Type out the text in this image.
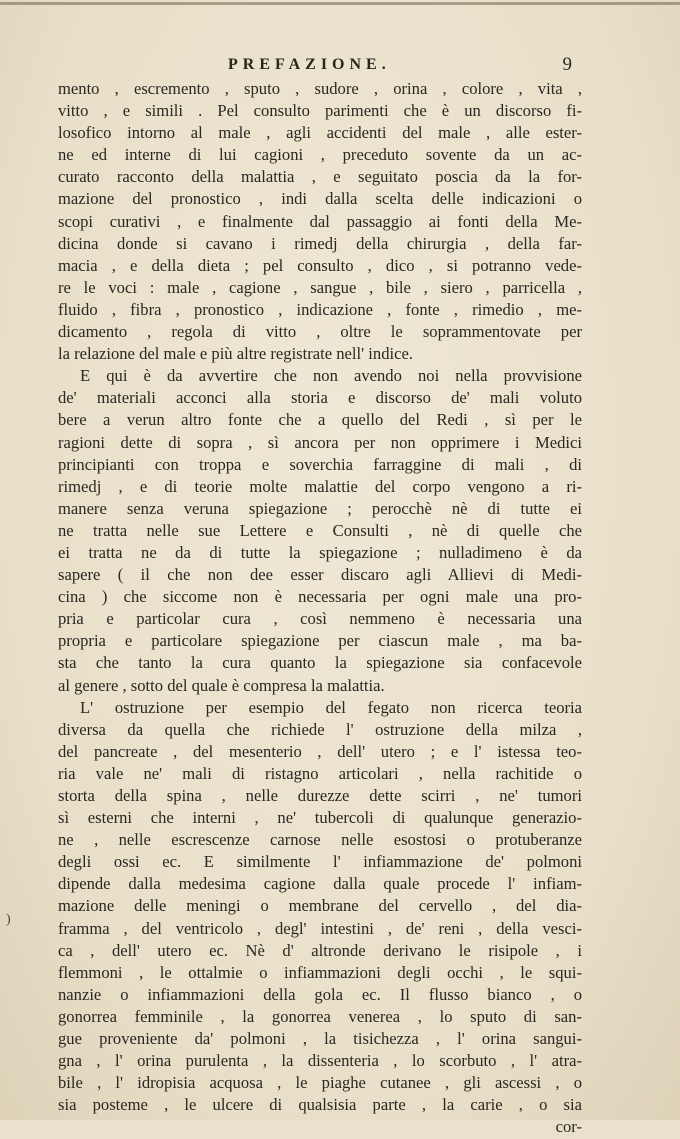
PREFAZIONE.	9
mento , escremento , sputo , sudore , orina , colore , vita ,
vitto , e simili . Pel consulto parimenti che è un discorso fi-
losofico intorno al male , agli accidenti del male , alle ester-
ne ed interne di lui cagioni , preceduto sovente da un ac-
curato racconto della malattia , e seguitato poscia da la for-
mazione del pronostico , indi dalla scelta delle indicazioni o
scopi curativi , e finalmente dal passaggio ai fonti della Me-
dicina donde si cavano i rimedj della chirurgia , della far-
macia , e della dieta ; pel consulto , dico , si potranno vede-
re le voci : male , cagione , sangue , bile , siero , parricella ,
fluido , fibra , pronostico , indicazione , fonte , rimedio , me-
dicamento , regola di vitto , oltre le soprammentovate per
la relazione del male e più altre registrate nell' indice.
E qui è da avvertire che non avendo noi nella provvisione
de' materiali acconci alla storia e discorso de' mali voluto
bere a verun altro fonte che a quello del Redi , sì per le
ragioni dette di sopra , sì ancora per non opprimere i Medici
principianti con troppa e soverchia farraggine di mali , di
rimedj , e di teorie molte malattie del corpo vengono a ri-
manere senza veruna spiegazione ; perocchè nè di tutte ei
ne tratta nelle sue Lettere e Consulti , nè di quelle che
ei tratta ne da di tutte la spiegazione ; nulladimeno è da
sapere ( il che non dee esser discaro agli Allievi di Medi-
cina ) che siccome non è necessaria per ogni male una pro-
pria e particolar cura , così nemmeno è necessaria una
propria e particolare spiegazione per ciascun male , ma ba-
sta che tanto la cura quanto la spiegazione sia confacevole
al genere , sotto del quale è compresa la malattia.
L' ostruzione per esempio del fegato non ricerca teoria
diversa da quella che richiede l' ostruzione della milza ,
del pancreate , del mesenterio , dell' utero ; e l' istessa teo-
ria vale ne' mali di ristagno articolari , nella rachitide o
storta della spina , nelle durezze dette scirri , ne' tumori
sì esterni che interni , ne' tubercoli di qualunque generazio-
ne , nelle escrescenze carnose nelle esostosi o protuberanze
degli ossi ec. E similmente l' infiammazione de' polmoni
dipende dalla medesima cagione dalla quale procede l' infiam-
mazione delle meningi o membrane del cervello , del dia-
framma , del ventricolo , degl' intestini , de' reni , della vesci-
ca , dell' utero ec. Nè d' altronde derivano le risipole , i
flemmoni , le ottalmie o infiammazioni degli occhi , le squi-
nanzie o infiammazioni della gola ec. Il flusso bianco , o
gonorrea femminile , la gonorrea venerea , lo sputo di san-
gue proveniente da' polmoni , la tisichezza , l' orina sangui-
gna , l' orina purulenta , la dissenteria , lo scorbuto , l' atra-
bile , l' idropisia acquosa , le piaghe cutanee , gli ascessi , o
sia posteme , le ulcere di qualsisia parte , la carie , o sia
cor-
)
